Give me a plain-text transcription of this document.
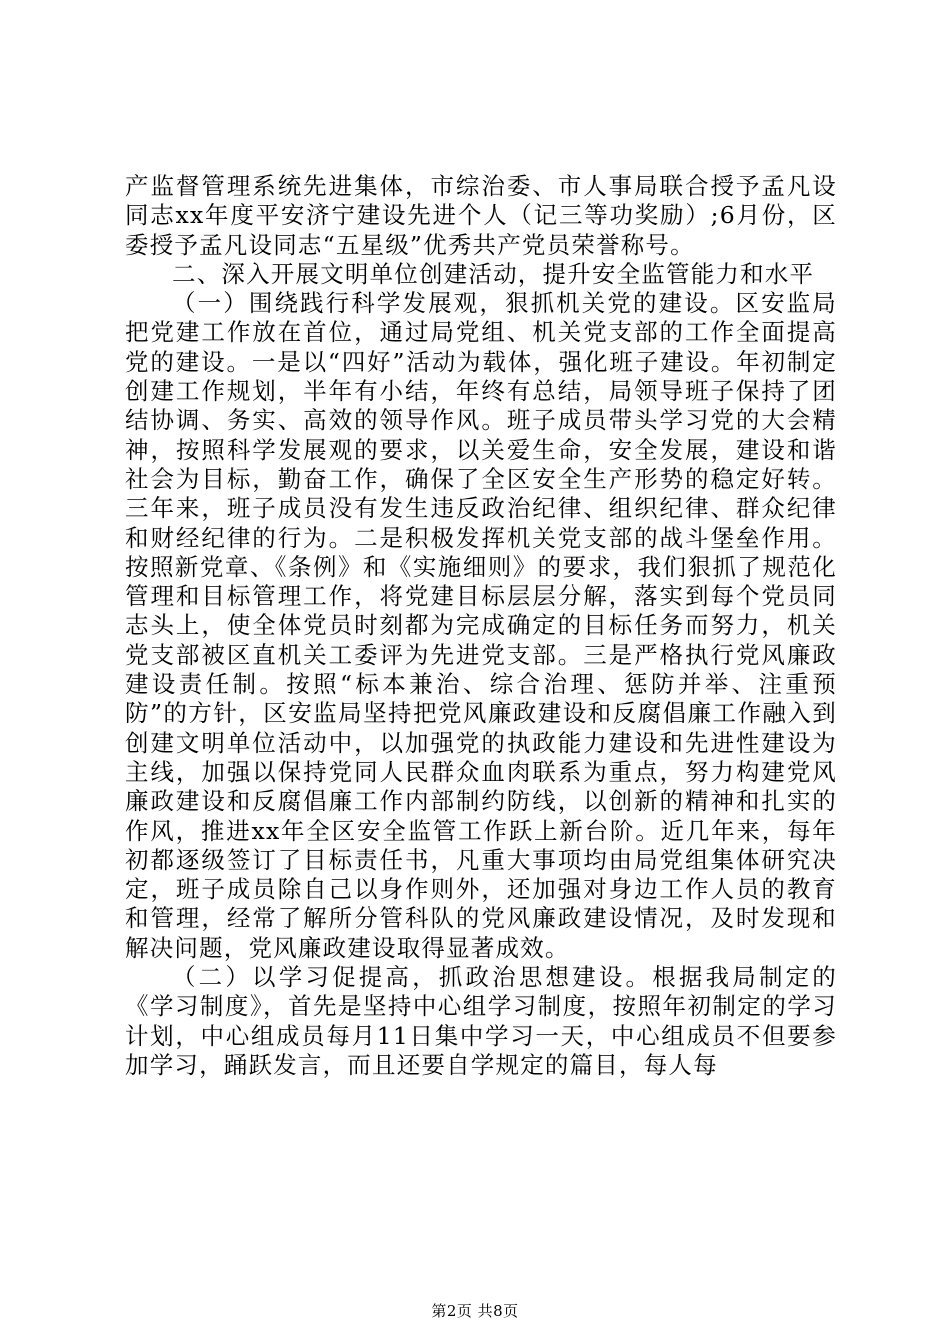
产监督管理系统先进集体，市综治委、市人事局联合授予孟凡设同志xx年度平安济宁建设先进个人（记三等功奖励）;6月份，区委授予孟凡设同志“五星级”优秀共产党员荣誉称号。

二、深入开展文明单位创建活动，提升安全监管能力和水平

（一）围绕践行科学发展观，狠抓机关党的建设。区安监局把党建工作放在首位，通过局党组、机关党支部的工作全面提高党的建设。一是以“四好”活动为载体，强化班子建设。年初制定创建工作规划，半年有小结，年终有总结，局领导班子保持了团结协调、务实、高效的领导作风。班子成员带头学习党的大会精神，按照科学发展观的要求，以关爱生命，安全发展，建设和谐社会为目标，勤奋工作，确保了全区安全生产形势的稳定好转。三年来，班子成员没有发生违反政治纪律、组织纪律、群众纪律和财经纪律的行为。二是积极发挥机关党支部的战斗堡垒作用。按照新党章、《条例》和《实施细则》的要求，我们狠抓了规范化管理和目标管理工作，将党建目标层层分解，落实到每个党员同志头上，使全体党员时刻都为完成确定的目标任务而努力，机关党支部被区直机关工委评为先进党支部。三是严格执行党风廉政建设责任制。按照“标本兼治、综合治理、惩防并举、注重预防”的方针，区安监局坚持把党风廉政建设和反腐倡廉工作融入到创建文明单位活动中，以加强党的执政能力建设和先进性建设为主线，加强以保持党同人民群众血肉联系为重点，努力构建党风廉政建设和反腐倡廉工作内部制约防线，以创新的精神和扎实的作风，推进xx年全区安全监管工作跃上新台阶。近几年来，每年初都逐级签订了目标责任书，凡重大事项均由局党组集体研究决定，班子成员除自己以身作则外，还加强对身边工作人员的教育和管理，经常了解所分管科队的党风廉政建设情况，及时发现和解决问题，党风廉政建设取得显著成效。

（二）以学习促提高，抓政治思想建设。根据我局制定的《学习制度》，首先是坚持中心组学习制度，按照年初制定的学习计划，中心组成员每月11日集中学习一天，中心组成员不但要参加学习，踊跃发言，而且还要自学规定的篇目，每人每

第2页 共8页
